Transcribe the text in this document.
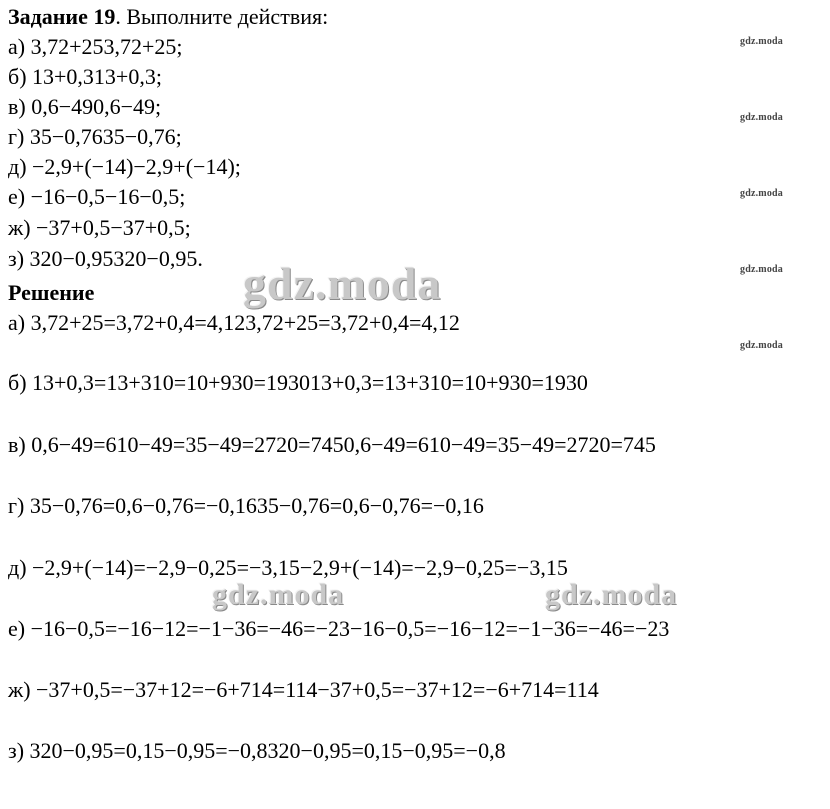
Задание 19. Выполните действия:
а) 3,72+253,72+25;
б) 13+0,313+0,3;
в) 0,6−490,6−49;
г) 35−0,7635−0,76;
д) −2,9+(−14)−2,9+(−14);
е) −16−0,5−16−0,5;
ж) −37+0,5−37+0,5;
з) 320−0,95320−0,95.
Решение
а) 3,72+25=3,72+0,4=4,123,72+25=3,72+0,4=4,12
б) 13+0,3=13+310=10+930=193013+0,3=13+310=10+930=1930
в) 0,6−49=610−49=35−49=2720=7450,6−49=610−49=35−49=2720=745
г) 35−0,76=0,6−0,76=−0,1635−0,76=0,6−0,76=−0,16
д) −2,9+(−14)=−2,9−0,25=−3,15−2,9+(−14)=−2,9−0,25=−3,15
е) −16−0,5=−16−12=−1−36=−46=−23−16−0,5=−16−12=−1−36=−46=−23
ж) −37+0,5=−37+12=−6+714=114−37+0,5=−37+12=−6+714=114
з) 320−0,95=0,15−0,95=−0,8320−0,95=0,15−0,95=−0,8
gdz.moda
gdz.moda
gdz.moda
gdz.moda
gdz.moda
gdz.moda
gdz.moda	gdz.moda
